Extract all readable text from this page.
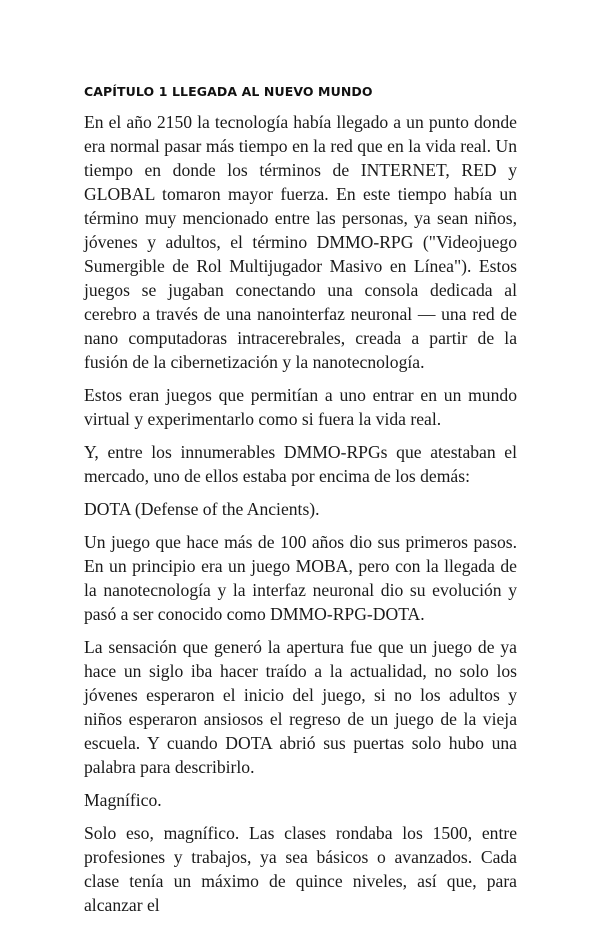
CAPÍTULO 1 LLEGADA AL NUEVO MUNDO

En el año 2150 la tecnología había llegado a un punto donde era normal pasar más tiempo en la red que en la vida real. Un tiempo en donde los términos de INTERNET, RED y GLOBAL tomaron mayor fuerza. En este tiempo había un término muy mencionado entre las personas, ya sean niños, jóvenes y adultos, el término DMMO-RPG ("Videojuego Sumergible de Rol Multijugador Masivo en Línea"). Estos juegos se jugaban conectando una consola dedicada al cerebro a través de una nanointerfaz neuronal — una red de nano computadoras intracerebrales, creada a partir de la fusión de la cibernetización y la nanotecnología.

Estos eran juegos que permitían a uno entrar en un mundo virtual y experimentarlo como si fuera la vida real.

Y, entre los innumerables DMMO-RPGs que atestaban el mercado, uno de ellos estaba por encima de los demás:

DOTA (Defense of the Ancients).

Un juego que hace más de 100 años dio sus primeros pasos. En un principio era un juego MOBA, pero con la llegada de la nanotecnología y la interfaz neuronal dio su evolución y pasó a ser conocido como DMMO-RPG-DOTA.

La sensación que generó la apertura fue que un juego de ya hace un siglo iba hacer traído a la actualidad, no solo los jóvenes esperaron el inicio del juego, si no los adultos y niños esperaron ansiosos el regreso de un juego de la vieja escuela. Y cuando DOTA abrió sus puertas solo hubo una palabra para describirlo.

Magnífico.

Solo eso, magnífico. Las clases rondaba los 1500, entre profesiones y trabajos, ya sea básicos o avanzados. Cada clase tenía un máximo de quince niveles, así que, para alcanzar el
